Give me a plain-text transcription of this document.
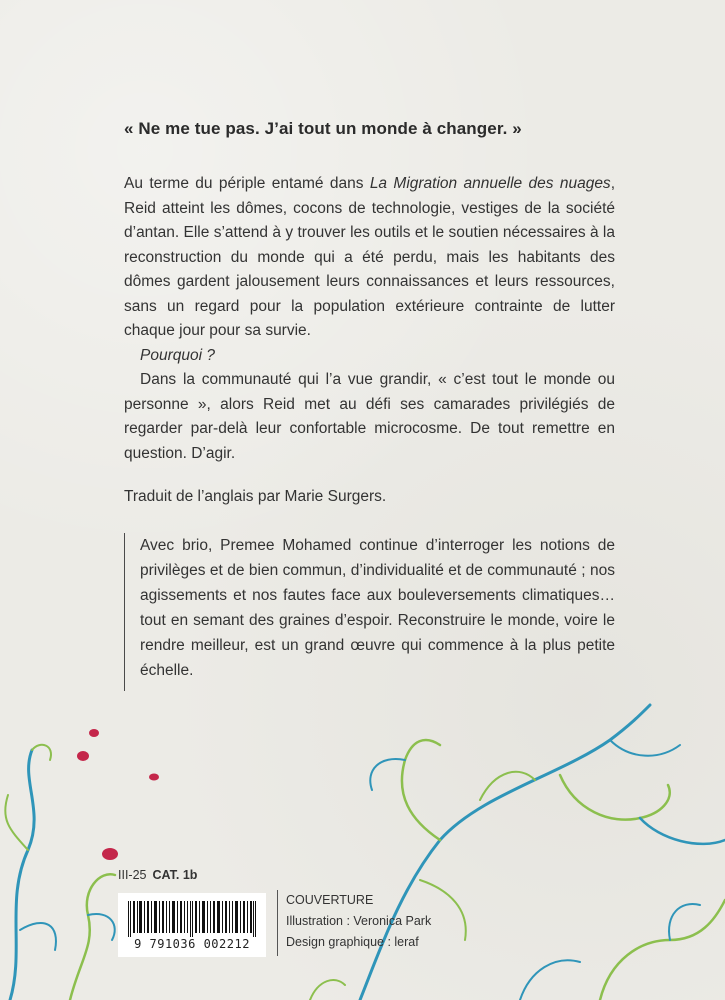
« Ne me tue pas. J’ai tout un monde à changer. »

Au terme du périple entamé dans La Migration annuelle des nuages, Reid atteint les dômes, cocons de technologie, vestiges de la société d’antan. Elle s’attend à y trouver les outils et le soutien nécessaires à la reconstruction du monde qui a été perdu, mais les habitants des dômes gardent jalousement leurs connaissances et leurs ressources, sans un regard pour la population extérieure contrainte de lutter chaque jour pour sa survie.

Pourquoi ?

Dans la communauté qui l’a vue grandir, « c’est tout le monde ou personne », alors Reid met au défi ses camarades privilégiés de regarder par-delà leur confortable microcosme. De tout remettre en question. D’agir.

Traduit de l’anglais par Marie Surgers.
Avec brio, Premee Mohamed continue d’interroger les notions de privilèges et de bien commun, d’individualité et de communauté ; nos agissements et nos fautes face aux bouleversements climatiques… tout en semant des graines d’espoir. Reconstruire le monde, voire le rendre meilleur, est un grand œuvre qui commence à la plus petite échelle.
III-25 CAT. 1b
9 791036 002212
COUVERTURE
Illustration : Veronica Park
Design graphique : leraf
